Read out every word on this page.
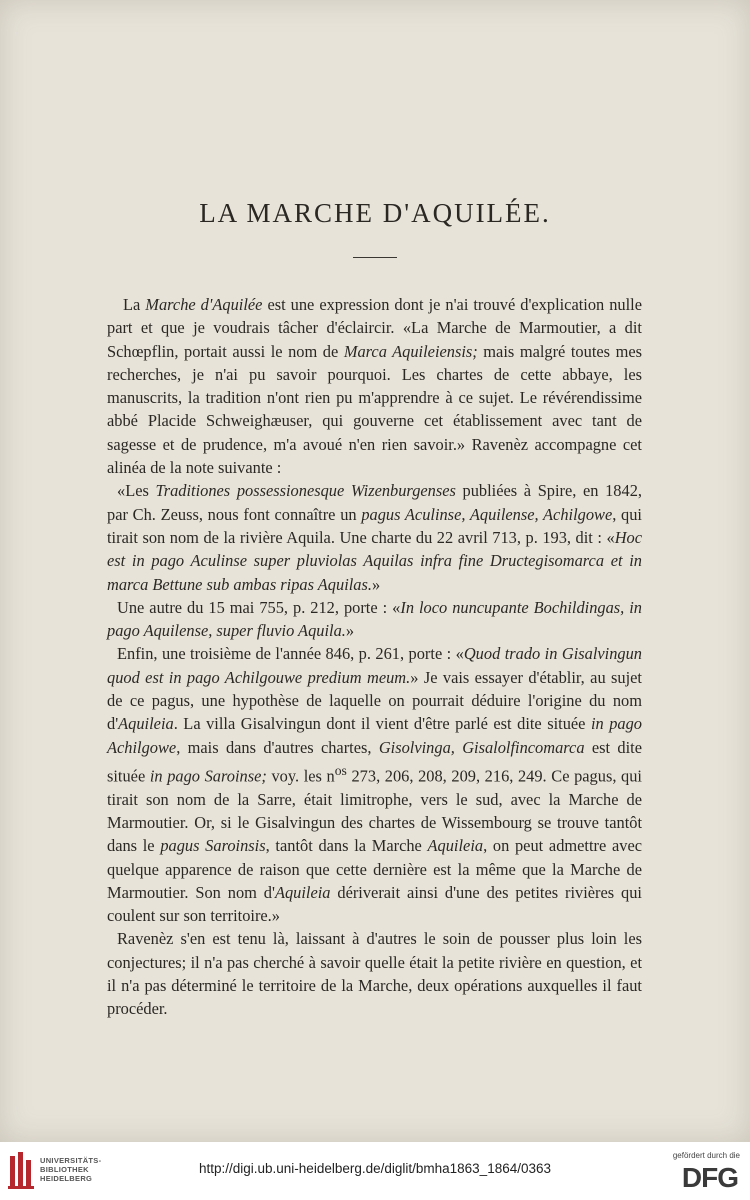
LA MARCHE D'AQUILÉE.

La Marche d'Aquilée est une expression dont je n'ai trouvé d'explication nulle part et que je voudrais tâcher d'éclaircir. «La Marche de Marmoutier, a dit Schœpflin, portait aussi le nom de Marca Aquileiensis; mais malgré toutes mes recherches, je n'ai pu savoir pourquoi. Les chartes de cette abbaye, les manuscrits, la tradition n'ont rien pu m'apprendre à ce sujet. Le révérendissime abbé Placide Schweighæuser, qui gouverne cet établissement avec tant de sagesse et de prudence, m'a avoué n'en rien savoir.» Ravenèz accompagne cet alinéa de la note suivante :

«Les Traditiones possessionesque Wizenburgenses publiées à Spire, en 1842, par Ch. Zeuss, nous font connaître un pagus Aculinse, Aquilense, Achilgowe, qui tirait son nom de la rivière Aquila. Une charte du 22 avril 713, p. 193, dit : «Hoc est in pago Aculinse super pluviolas Aquilas infra fine Dructegisomarca et in marca Bettune sub ambas ripas Aquilas.»

Une autre du 15 mai 755, p. 212, porte : «In loco nuncupante Bochildingas, in pago Aquilense, super fluvio Aquila.»

Enfin, une troisième de l'année 846, p. 261, porte : «Quod trado in Gisalvingun quod est in pago Achilgouwe predium meum.» Je vais essayer d'établir, au sujet de ce pagus, une hypothèse de laquelle on pourrait déduire l'origine du nom d'Aquileia. La villa Gisalvingun dont il vient d'être parlé est dite située in pago Achilgowe, mais dans d'autres chartes, Gisolvinga, Gisalolfincomarca est dite située in pago Saroinse; voy. les $n^{os}$ 273, 206, 208, 209, 216, 249. Ce pagus, qui tirait son nom de la Sarre, était limitrophe, vers le sud, avec la Marche de Marmoutier. Or, si le Gisalvingun des chartes de Wissembourg se trouve tantôt dans le pagus Saroinsis, tantôt dans la Marche Aquileia, on peut admettre avec quelque apparence de raison que cette dernière est la même que la Marche de Marmoutier. Son nom d'Aquileia dériverait ainsi d'une des petites rivières qui coulent sur son territoire.»

Ravenèz s'en est tenu là, laissant à d'autres le soin de pousser plus loin les conjectures; il n'a pas cherché à savoir quelle était la petite rivière en question, et il n'a pas déterminé le territoire de la Marche, deux opérations auxquelles il faut procéder.

UNIVERSITÄTS-
BIBLIOTHEK
HEIDELBERG
http://digi.ub.uni-heidelberg.de/diglit/bmha1863_1864/0363
gefördert durch die
DFG
